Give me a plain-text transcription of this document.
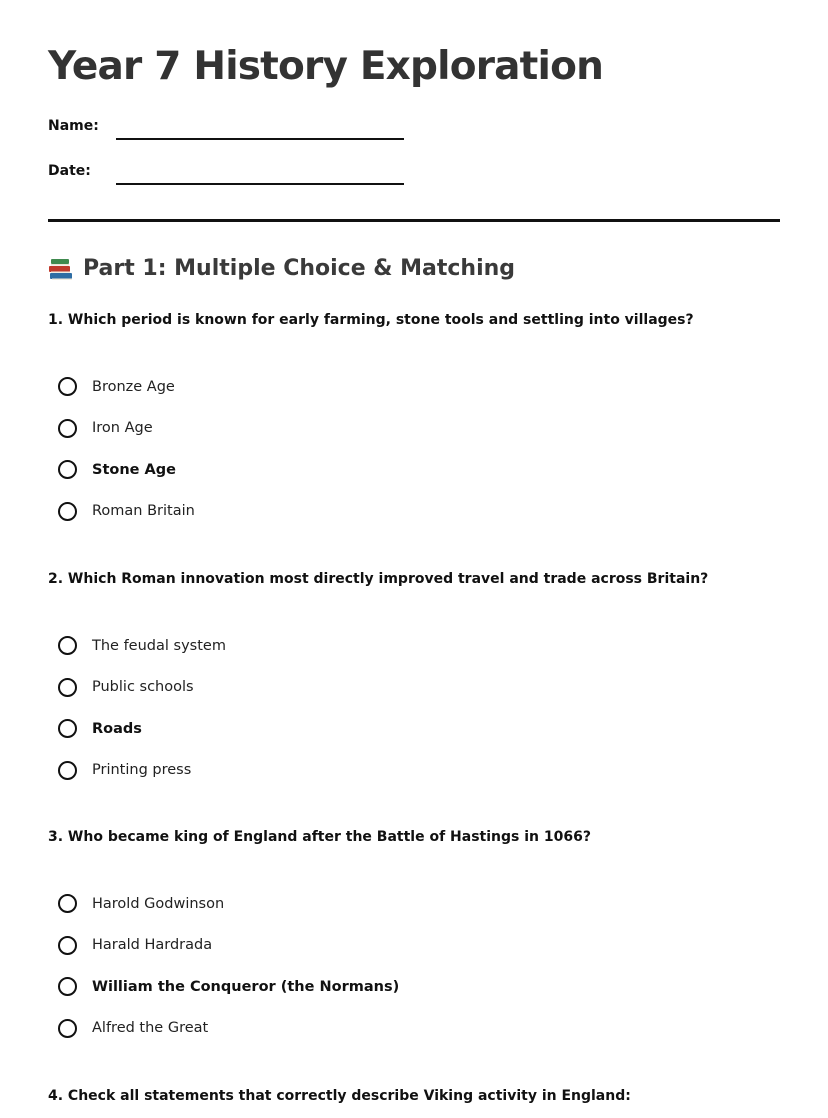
Year 7 History Exploration
Name:
Date:
Part 1: Multiple Choice & Matching

1. Which period is known for early farming, stone tools and settling into villages?

Bronze Age
Iron Age
Stone Age
Roman Britain

2. Which Roman innovation most directly improved travel and trade across Britain?

The feudal system
Public schools
Roads
Printing press

3. Who became king of England after the Battle of Hastings in 1066?

Harold Godwinson
Harald Hardrada
William the Conqueror (the Normans)
Alfred the Great

4. Check all statements that correctly describe Viking activity in England:
